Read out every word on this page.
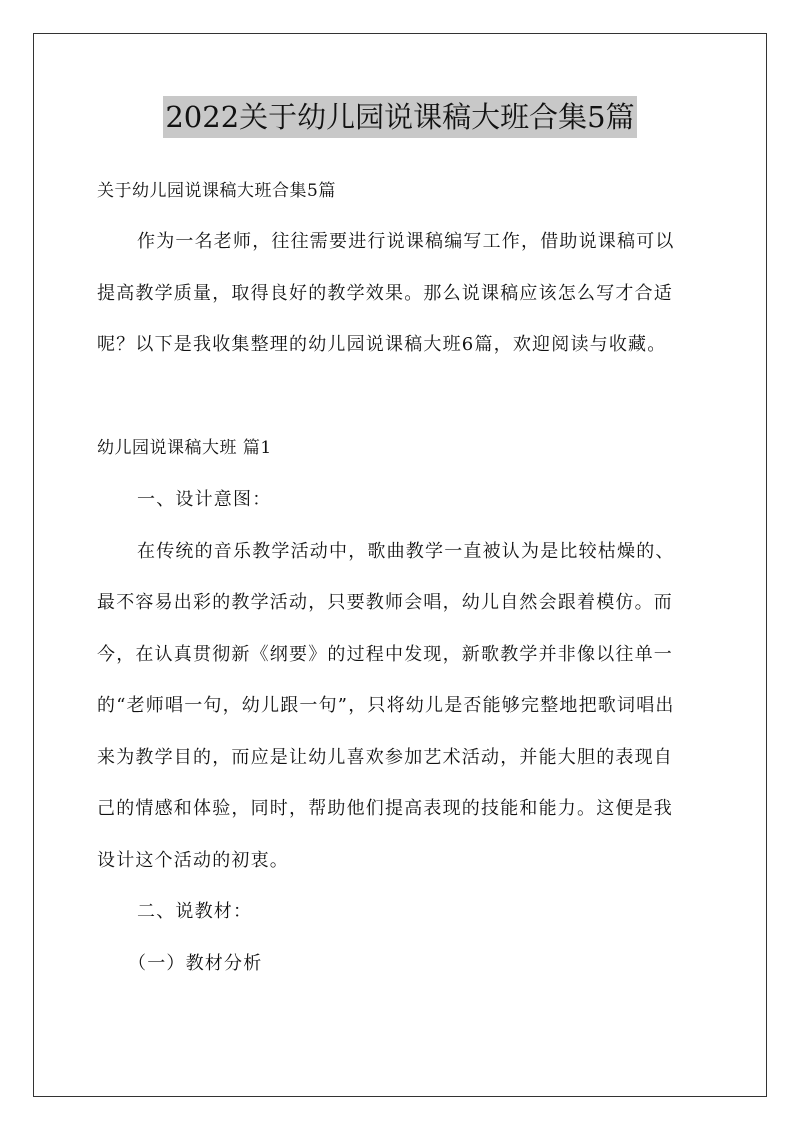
2022关于幼儿园说课稿大班合集5篇
关于幼儿园说课稿大班合集5篇
作为一名老师，往往需要进行说课稿编写工作，借助说课稿可以
提高教学质量，取得良好的教学效果。那么说课稿应该怎么写才合适
呢？以下是我收集整理的幼儿园说课稿大班6篇，欢迎阅读与收藏。
幼儿园说课稿大班 篇1
一、设计意图：
在传统的音乐教学活动中，歌曲教学一直被认为是比较枯燥的、
最不容易出彩的教学活动，只要教师会唱，幼儿自然会跟着模仿。而
今，在认真贯彻新《纲要》的过程中发现，新歌教学并非像以往单一
的“老师唱一句，幼儿跟一句”，只将幼儿是否能够完整地把歌词唱出
来为教学目的，而应是让幼儿喜欢参加艺术活动，并能大胆的表现自
己的情感和体验，同时，帮助他们提高表现的技能和能力。这便是我
设计这个活动的初衷。
二、说教材：
（一）教材分析
